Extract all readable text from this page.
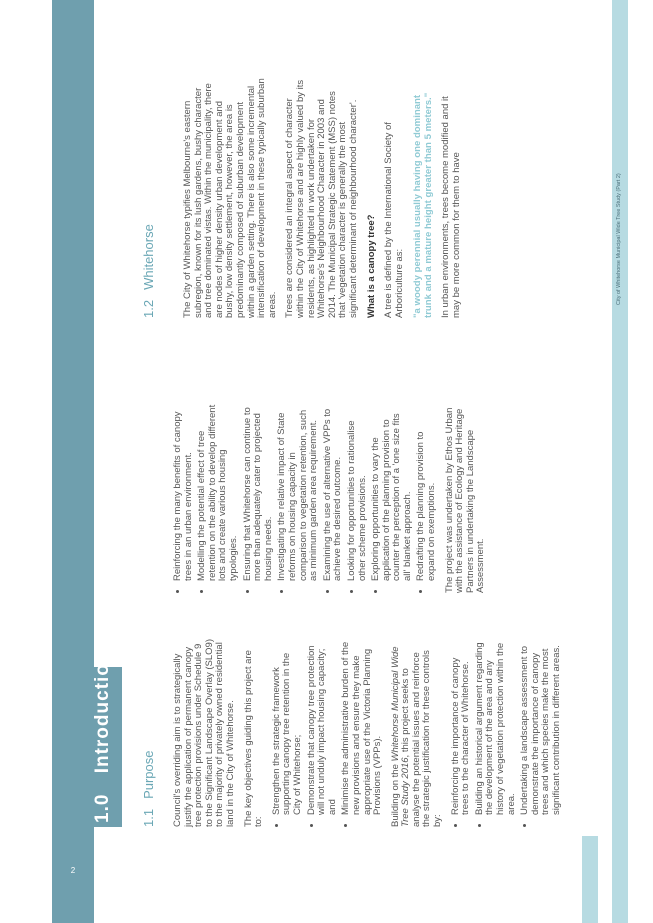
2
1.0 Introduction
City of Whitehorse Municipal Wide Tree Study (Part 2)
1.1Purpose Council's overriding aim is to strategically justify the application of permanent canopy tree protection provisions under Schedule 9 to the Significant Landscape Overlay (SLO9) to the majority of privately owned residential land in the City of Whitehorse. The key objectives guiding this project are to:

• Strengthen the strategic framework supporting canopy tree retention in the City of Whitehorse; • Demonstrate that canopy tree protection will not unduly impact housing capacity; and • Minimise the administrative burden of the new provisions and ensure they make appropriate use of the Victoria Planning Provisions (VPPs). Building on the Whitehorse Municipal Wide Tree Study 2016, this project seeks to analyse the potential issues and reinforce the strategic justification for these controls by:

• Reinforcing the importance of canopy trees to the character of Whitehorse. • Building an historical argument regarding the development of the area and any history of vegetation protection within the area. • Undertaking a landscape assessment to demonstrate the importance of canopy trees and which species make the most significant contribution in different areas.
• Reinforcing the many benefits of canopy trees in an urban environment. • Modelling the potential effect of tree retention on the ability to develop different lots and create various housing typologies. • Ensuring that Whitehorse can continue to more than adequately cater to projected housing needs. • Investigating the relative impact of State reforms on housing capacity in comparison to vegetation retention, such as minimum garden area requirement. • Examining the use of alternative VPPs to achieve the desired outcome. • Looking for opportunities to rationalise other scheme provisions. • Exploring opportunities to vary the application of the planning provision to counter the perception of a 'one size fits all' blanket approach. • Redrafting the planning provision to expand on exemptions. The project was undertaken by Ethos Urban with the assistance of Ecology and Heritage Partners in undertaking the Landscape Assessment.

1.2Whitehorse	The City of Whitehorse typifies Melbourne's eastern subregion, known for its lush gardens, bushy character and tree dominated vistas. Within the municipality, there are nodes of higher density urban development and bushy, low density settlement, however, the area is predominantly composed of suburban development within a garden setting. There is also some incremental intensification of development in these typically suburban areas. Trees are considered an integral aspect of character within the City of Whitehorse and are highly valued by its residents, as highlighted in work undertaken for Whitehorse's Neighbourhood Character in 2003 and 2014. The Municipal Strategic Statement (MSS) notes that 'vegetation character is generally the most significant determinant of neighbourhood character'. What is a canopy tree? A tree is defined by the International Society of Arboriculture as: "a woody perennial usually having one dominant trunk and a mature height greater than 5 meters." In urban environments, trees become modified and it may be more common for them to have
